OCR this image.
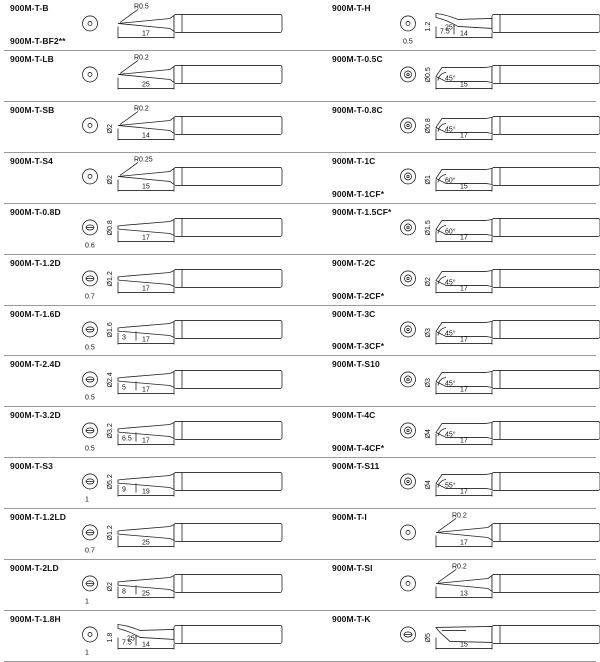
900M-T-B
900M-T-BF2**
R0.5
17
900M-T-LB	R0.2
25
900M-T-SB
Ø2
R0.2
14
900M-T-S4
Ø2
R0.25
15
900M-T-0.8D
Ø0.8
0.6
17
900M-T-1.2D
Ø1.2
0.7
17
900M-T-1.6D
Ø1.6
0.5
17
3
900M-T-2.4D
Ø2.4
0.5
17
5
900M-T-3.2D
Ø3.2
0.5
17
6.5
900M-T-S3
Ø5.2
1
19
9
900M-T-1.2LD
Ø1.2
0.7
25
900M-T-2LD
Ø2
1
25
8
900M-T-1.8H
1.8 25°
1
14
7.5
900M-T-H
1.2 25°
0.5
14
7.5
900M-T-0.5C
Ø0.5 45°
15
900M-T-0.8C
Ø0.8 45°
17
900M-T-1C
900M-T-1CF*
Ø1 60°
15
900M-T-1.5CF*
Ø1.5 60°
17
900M-T-2C
900M-T-2CF*
Ø2 45°
17
900M-T-3C
900M-T-3CF*
Ø3 45°
17
900M-T-S10
Ø3 45°
17
900M-T-4C
900M-T-4CF*
Ø4 45°
17
900M-T-S11
Ø4 55°
17
900M-T-I	R0.2
17
900M-T-SI	R0.2
13
900M-T-K
Ø5
15
